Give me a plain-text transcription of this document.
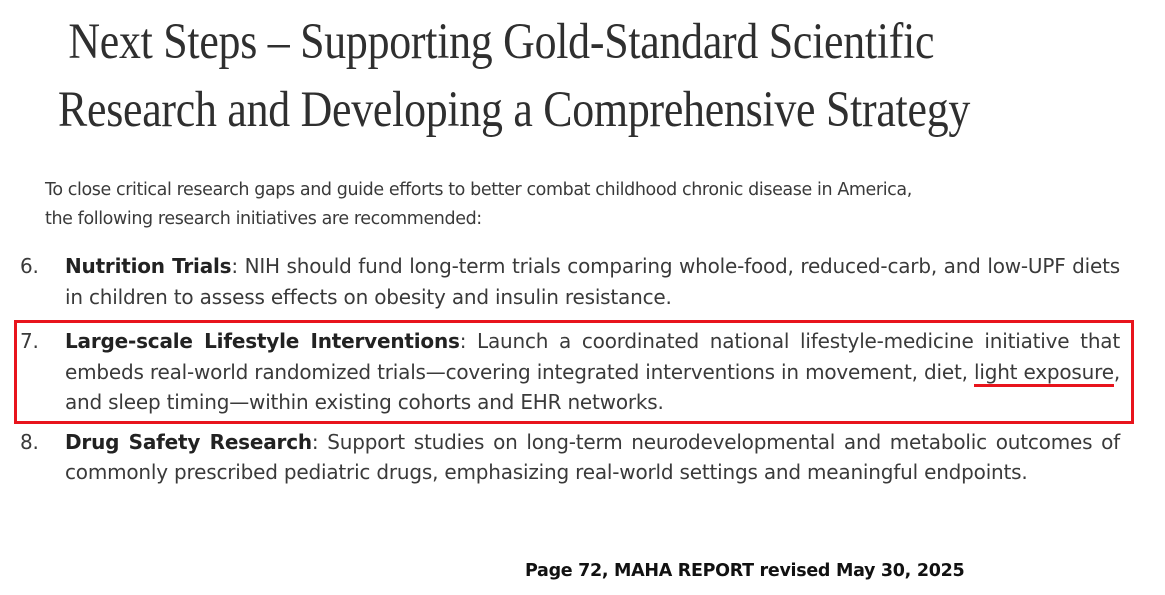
Next Steps – Supporting Gold-Standard Scientific
Research and Developing a Comprehensive Strategy
To close critical research gaps and guide efforts to better combat childhood chronic disease in America,
the following research initiatives are recommended:
6. Nutrition Trials: NIH should fund long-term trials comparing whole-food, reduced-carb, and low-UPF diets in children to assess effects on obesity and insulin resistance.
7. Large-scale Lifestyle Interventions: Launch a coordinated national lifestyle-medicine initiative that embeds real-world randomized trials—covering integrated interventions in movement, diet, light exposure, and sleep timing—within existing cohorts and EHR networks.
8. Drug Safety Research: Support studies on long-term neurodevelopmental and metabolic outcomes of commonly prescribed pediatric drugs, emphasizing real-world settings and meaningful endpoints.
Page 72, MAHA REPORT revised May 30, 2025
